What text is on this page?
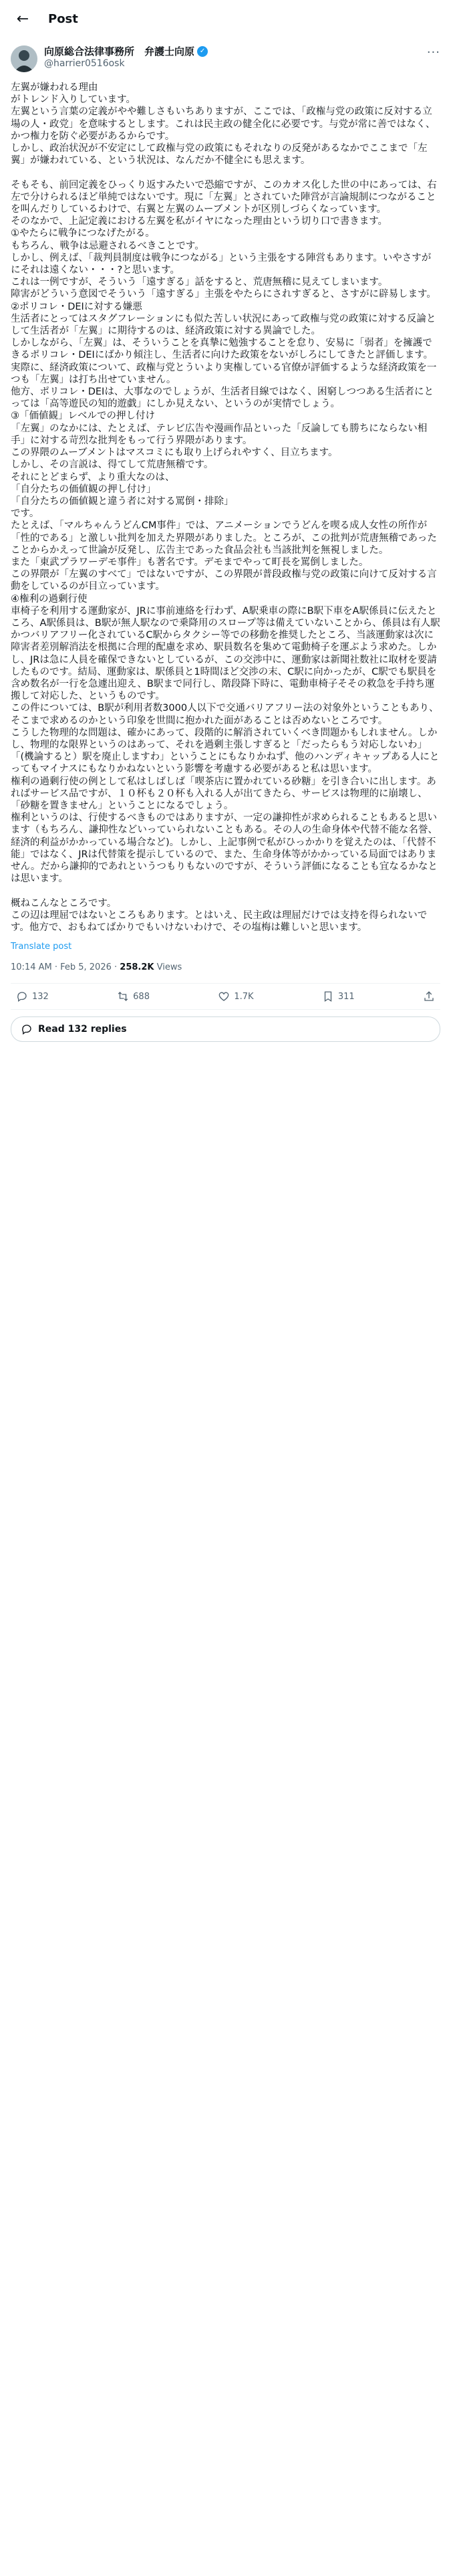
←	Post
向原総合法律事務所　弁護士向原 ✓
@harrier0516osk
···
左翼が嫌われる理由
がトレンド入りしています。
左翼という言葉の定義がやや難しさもいちありますが、ここでは、「政権与党の政策に反対する立場の人・政党」を意味するとします。これは民主政の健全化に必要です。与党が常に善ではなく、かつ権力を防ぐ必要があるからです。
しかし、政治状況が不安定にして政権与党の政策にもそれなりの反発があるなかでここまで「左翼」が嫌われている、という状況は、なんだか不健全にも思えます。

そもそも、前回定義をひっくり返すみたいで恐縮ですが、このカオス化した世の中にあっては、右左で分けられるほど単純ではないです。現に「左翼」とされていた陣営が言論規制につながることを叫んだりしているわけで、右翼と左翼のムーブメントが区別しづらくなっています。
そのなかで、上記定義における左翼を私がイヤになった理由という切り口で書きます。
①やたらに戦争につなげたがる。
もちろん、戦争は忌避されるべきことです。
しかし、例えば、「裁判員制度は戦争につながる」という主張をする陣営もあります。いやさすがにそれは遠くない・・・?と思います。
これは一例ですが、そういう「遠すぎる」話をすると、荒唐無稽に見えてしまいます。
障害がどういう意図でそういう「遠すぎる」主張をやたらにされすぎると、さすがに辟易します。
②ポリコレ・DEIに対する嫌悪
生活者にとってはスタグフレーションにも似た苦しい状況にあって政権与党の政策に対する反論として生活者が「左翼」に期待するのは、経済政策に対する異論でした。
しかしながら、「左翼」は、そういうことを真摯に勉強することを怠り、安易に「弱者」を擁護できるポリコレ・DEIにばかり傾注し、生活者に向けた政策をないがしろにしてきたと評価します。実際に、経済政策について、政権与党とういより実権している官僚が評価するような経済政策を一つも「左翼」は打ち出せていません。
他方、ポリコレ・DEIは、大事なのでしょうが、生活者目線ではなく、困窮しつつある生活者にとっては「高等遊民の知的遊戯」にしか見えない、というのが実情でしょう。
③「価値観」レベルでの押し付け
「左翼」のなかには、たとえば、テレビ広告や漫画作品といった「反論しても勝ちにならない相手」に対する苛烈な批判をもって行う界隈があります。
この界隈のムーブメントはマスコミにも取り上げられやすく、目立ちます。
しかし、その言説は、得てして荒唐無稽です。
それにとどまらず、より重大なのは、
「自分たちの価値観の押し付け」
「自分たちの価値観と違う者に対する罵倒・排除」
です。
たとえば、「マルちゃんうどんCM事件」では、アニメーションでうどんを喫る成人女性の所作が「性的である」と激しい批判を加えた界隈がありました。ところが、この批判が荒唐無稽であったことからかえって世論が反発し、広告主であった食品会社も当該批判を無視しました。
また「東武プラワーデモ事件」も著名です。デモまでやって町長を罵倒しました。
この界隈が「左翼のすべて」ではないですが、この界隈が普段政権与党の政策に向けて反対する言動をしているのが目立っています。
④権利の過剰行使
車椅子を利用する運動家が、JRに事前連絡を行わず、A駅乗車の際にB駅下車をA駅係員に伝えたところ、A駅係員は、B駅が無人駅なので乗降用のスロープ等は備えていないことから、係員は有人駅かつバリアフリー化されているC駅からタクシー等での移動を推奨したところ、当該運動家は次に障害者差別解消法を根拠に合理的配慮を求め、駅員数名を集めて電動椅子を運ぶよう求めた。しかし、JRは急に人員を確保できないとしているが、この交渉中に、運動家は新聞社数社に取材を要請したものです。結局、運動家は、駅係員と1時間ほど交渉の末、C駅に向かったが、C駅でも駅員を含め数名が一行を急遽出迎え、B駅まで同行し、階段降下時に、電動車椅子そその救急を手持ち運搬して対応した、というものです。
この件については、B駅が利用者数3000人以下で交通バリアフリー法の対象外ということもあり、そこまで求めるのかという印象を世間に抱かれた面があることは否めないところです。
こうした物理的な問題は、確かにあって、段階的に解消されていくべき問題かもしれません。しかし、物理的な限界というのはあって、それを過剰主張しすぎると「だったらもう対応しないわ」「(機論すると）駅を廃止しますわ」ということにもなりかねず、他のハンディキャップある人にとってもマイナスにもなりかねないという影響を考慮する必要があると私は思います。
権利の過剰行使の例として私はしばしば「喫茶店に置かれている砂糖」を引き合いに出します。あればサービス品ですが、１０杯も２０杯も入れる人が出てきたら、サービスは物理的に崩壊し、「砂糖を置きません」ということになるでしょう。
権利というのは、行使するべきものではありますが、一定の謙抑性が求められることもあると思います（もちろん、謙抑性などいっていられないこともある。その人の生命身体や代替不能な名誉、経済的利益がかかっている場合など)。しかし、上記事例で私がひっかかりを覚えたのは、「代替不能」ではなく、JRは代替策を提示しているので、また、生命身体等がかかっている局面ではありません。だから謙抑的であれというつもりもないのですが、そういう評価になることも宜なるかなとは思います。

概ねこんなところです。
この辺は理屈ではないところもあります。とはいえ、民主政は理屈だけでは支持を得られないです。他方で、おもねてばかりでもいけないわけで、その塩梅は難しいと思います。
Translate post
10:14 AM · Feb 5, 2026 · 258.2K Views
132	688	1.7K	311
Read 132 replies
